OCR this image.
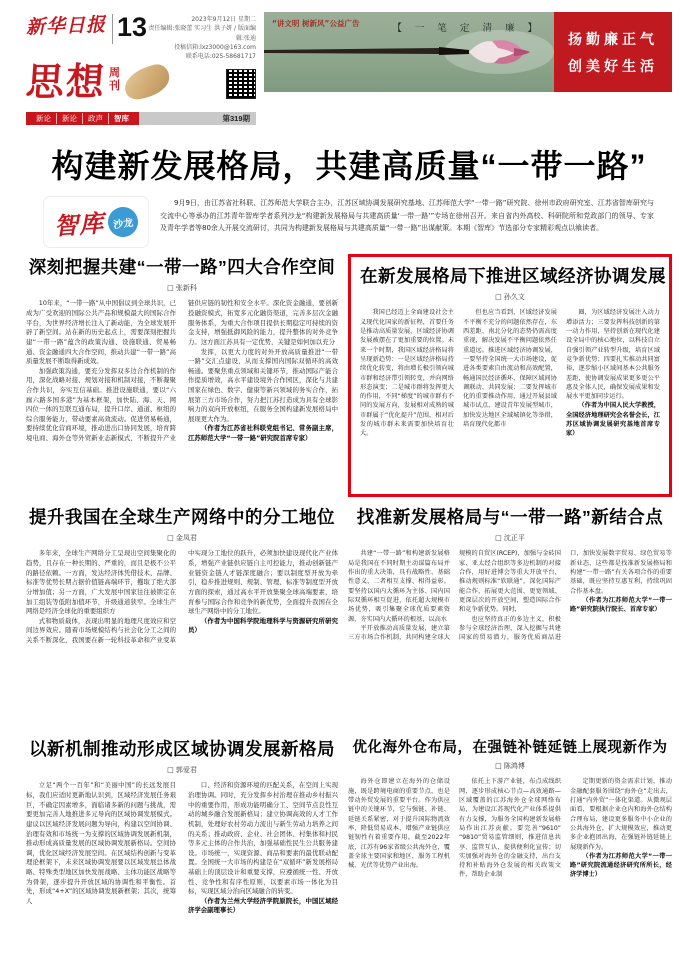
新华日报 13	2023年9月12日 星期二
责任编辑:张晓蕾 实习生 洪子妍 / 版面编辑:张迪
投稿信箱:lxz3000@163.com
联系电话:025-58681717
思想 周
刊
新论	新论	政声	智库	第319期
“讲文明 树新风”公益广告	【 一 笔 定 清 廉 】
扬勤廉正气
创美好生活
构建新发展格局，共建高质量“一带一路”
智库 沙龙

9月9日，由江苏省社科联、江苏师范大学联合主办，江苏区域协调发展研究基地、江苏师范大学“一带一路”研究院、徐州市政府研究室、江苏省智库研究与交流中心等承办的江苏青年智库学者系列沙龙“构建新发展格局与共建高质量‘一带一路’”专场在徐州召开。来自省内外高校、科研院所和党政部门的领导、专家及青年学者等80余人开展交流研讨，共同为构建新发展格局与共建高质量“一带一路”出谋献策。本期《智库》节选部分专家精彩观点以飨读者。

深刻把握共建“一带一路”四大合作空间
□ 张新科

10年来，“一带一路”从中国倡议到全球共识，已成为广受欢迎的国际公共产品和规模最大的国际合作平台，为世界经济增长注入了新动能，为全球发展开辟了新空间。站在新的历史起点上，需要深刻把握共建“一带一路”蕴含的政策沟通、设施联通、贸易畅通、资金融通四大合作空间，推动共建“一带一路”高质量发展不断取得新成效。

加强政策沟通，要充分发挥双多边合作机制的作用，深化战略对接、规划对接和机制对接，不断凝聚合作共识，夯实互信基础。推进设施联通，要以“六廊六路多国多港”为基本框架，加快陆、海、天、网四位一体的互联互通布局，提升口岸、通道、枢纽的综合服务能力，带动要素高效流动。促进贸易畅通，要持续优化营商环境，推动进出口协同发展，培育跨境电商、海外仓等外贸新业态新模式，不断提升产业链供应链的韧性和安全水平。深化资金融通，要创新投融资模式，拓宽多元化融资渠道，完善多层次金融服务体系，为重大合作项目提供长期稳定可持续的资金支持，增强抵御风险的能力，提升整体的对外竞争力。这方面江苏具有一定优势，关键是如何加以充分

发挥，以更大力度的对外开放高质量推进“一带一路”交汇点建设，从而支撑国内国际双循环的高效畅通。要聚焦重点领域和关键环节，推动国际产能合作提质增效，高水平建设境外合作园区，深化与共建国家在绿色、数字、健康等新兴领域的务实合作，拓展第三方市场合作，努力把江苏打造成为具有全球影响力的双向开放枢纽，在服务全国构建新发展格局中展现更大作为。

（作者为江苏省社科联党组书记、常务副主席，江苏师范大学“一带一路”研究院首席专家）

在新发展格局下推进区域经济协调发展
□ 孙久文

我国已经迈上全面建设社会主义现代化国家的新征程，首要任务是推动高质量发展，区域经济协调发展被摆在了更加重要的位置。未来一个时期，我国区域经济格局将呈现新趋势：一是区域经济格局持续优化转变，将由增长极引领向城市群和经济带引领转变，并向网络形态演变；二是城市群将发挥更大的作用，不同“梯度”的城市群有不同的发展方向，发展相对成熟的城市群属于“优化提升”范围，相对后发的城市群未来需要加快培育壮大。

但也应当看到，区域经济发展不平衡不充分的问题依然存在，东西差距、南北分化的态势仍需高度重视，解决发展不平衡问题依然任重道远。推进区域经济协调发展，一要坚持全国统一大市场建设，促进各类要素自由流动和高效配置，畅通国民经济循环，保障区域间协调联动、共同发展；二要发挥城市化的重要推动作用，通过开展县域城市试点，建设青年发展型城市，加快发达地区全域城镇化等举措，培育现代化都市

圈，为区域经济发展注入动力增添活力；三要发挥科技创新的第一动力作用，坚持创新在现代化建设全局中的核心地位，以科技自立自强引领产业转型升级，培育区域竞争新优势；四要扎实推动共同富裕，逐步缩小区域间基本公共服务差距，使协调发展成果更多更公平惠及全体人民，确保发展成果和发展水平更加同步运行。

（作者为中国人民大学教授，全国经济地理研究会名誉会长，江苏区域协调发展研究基地首席专家）

提升我国在全球生产网络中的分工地位
□ 金凤君

多年来，全球生产网络分工呈现出空间集聚化的趋势，且存在一种长期的、严重的，而且是极不公平的路径依赖。一方面，发达经济体凭借技术、品牌、标准等优势长期占据价值链高端环节，攫取了绝大部分增加值；另一方面，广大发展中国家往往被锁定在加工组装等低附加值环节，升级通道狭窄。全球生产网络是经济全球化的重要组织方

式和物质载体，表现出明显的地理尺度效应和空间边界效应。随着市场规模结构与社会化分工之间的关系不断深化，我国要在新一轮科技革命和产业变革中实现分工地位的跃升，必须加快建设现代化产业体系，增强产业链供应链自主可控能力，推动创新链产业链资金链人才链深度融合；要以制度型开放为牵引，稳步推进规则、规制、管理、标准等制度型开放方面的探索，通过高水平开放集聚全球高端要素，培育参与国际合作和竞争的新优势，全面提升我国在全球生产网络中的分工地位。

（作者为中国科学院地理科学与资源研究所研究员）

找准新发展格局与“一带一路”新结合点
□ 沈正平

共建“一带一路”和构建新发展格局是我国在不同时期主动谋篇布局并作出的重大决策，具有战略性、基础性意义，二者相互支撑、相得益彰。要坚持以国内大循环为主体、国内国际双循环相互促进，依托超大规模市场优势，吸引集聚全球优质要素资源，夯实国内大循环的根基，以高水

平开放推动高质量发展，建立第三方市场合作机制，共同构建全球大规模的自贸区(RCEP)，加强与金砖国家、亚太经合组织等多边机制的对接合作，用好进博会等重大开放平台，推动规则标准“软联通”，深化国际产能合作，拓展更大范围、更宽领域、更深层次的开放空间，塑造国际合作和竞争新优势。同时，

也应坚持真正的多边主义，积极参与全球经济治理，深入挖掘与共建国家的贸易潜力，服务优质商品进口，加快发展数字贸易、绿色贸易等新业态，这些都是找准新发展格局和构建“一带一路”有关各项合作的重要基础，既应坚持互惠互利，持续巩固合作基本盘。

（作者为江苏师范大学“一带一路”研究院执行院长、首席专家）

以新机制推动形成区域协调发展新格局
□ 郭爱君

立足“两个一百年”和“美丽中国”的长远发展目标，我们应适时更新地认识到，区域经济发展任务艰巨，不确定因素增多，面临诸多新的问题与挑战，需要更加完善人地推进多元导向的区域协调发展模式。建议以区域经济发展问题为导向，构建以空间协调、治理有效和市场统一为支撑的区域协调发展新机制，推动形成高质量发展的区域协调发展新格局。空间协调，优化区域经济发展空间。在区域结构创新与变革理论框架下，未来区域协调发展要以区域发展总体战略、特殊类型地区加快发展战略、主体功能区战略等为骨架，逐步提升开放区域的协调性和平衡性。首先，形成“4+X”的区域协调发展新框架；其次，统筹人

口、经济和资源环境的匹配关系，在空间上实现治理协调。同时，充分发挥乡村治理在推动乡村振兴中的重要作用，形成功能明确分工、空间节点良性互动的城乡融合发展新格局；建立协调高效的人才工作机制，处理好农村劳动力流出与新生劳动力培养之间的关系；推动政府、企业、社会团体、村集体和村民等多元主体的合作共治，加强基础性民生公共服务建设。市场统一，实现资源、商品和要素的最优联动配置。全国统一大市场的构建是在“双循环”新发展格局基础上的顶层设计和重要支撑，应遵循统一性、开放性、竞争性和有序性原则，以要素市场一体化为目标，实现区域分治向区域融合的转变。

（作者为兰州大学经济学院原院长，中国区域经济学会副理事长）

优化海外仓布局，在强链补链延链上展现新作为
□ 陈鸿博

海外仓即建立在海外的仓储设施，既是跨境电商的重要节点，也是带动外贸发展的重要平台。作为供应链中的关键环节，它与强链、补链、延链关系紧密，对于提升国际物流效率、降低贸易成本、增强产业链供应链韧性有着重要作用。截至2022年底，江苏有96家省级公共海外仓，覆盖全球主要国家和地区，服务工程机械、光伏等优势产业出海。

依托上下游产业链，布点成线织网，逐步形成核心节点—高效通路—区域覆盖的江苏海外仓全球网络布局，为建设江苏现代化产业体系提供有力支撑，为服务全国构建新发展格局作出江苏贡献。要完善“9610”“9810”贸易监管细则，推进信息共享、监管互认，提供便利化宣传；切实加强对海外仓的金融支持，出台支持和补贴海外仓发展的相关政策文件，帮助企业制

定期更新的资金需求计划，推动金融配套服务围绕“海外仓”走出去，打通“内外贸”一体化渠道。从微观层面看，要根据企业仓内和海外仓结构合理布局，建设更多服务中小企业的公共海外仓，扩大规模效应，推动更多企业抱团出海，在强链补链延链上展现新作为。

（作者为江苏师范大学“一带一路”研究院流通经济研究所所长，经济学博士）
